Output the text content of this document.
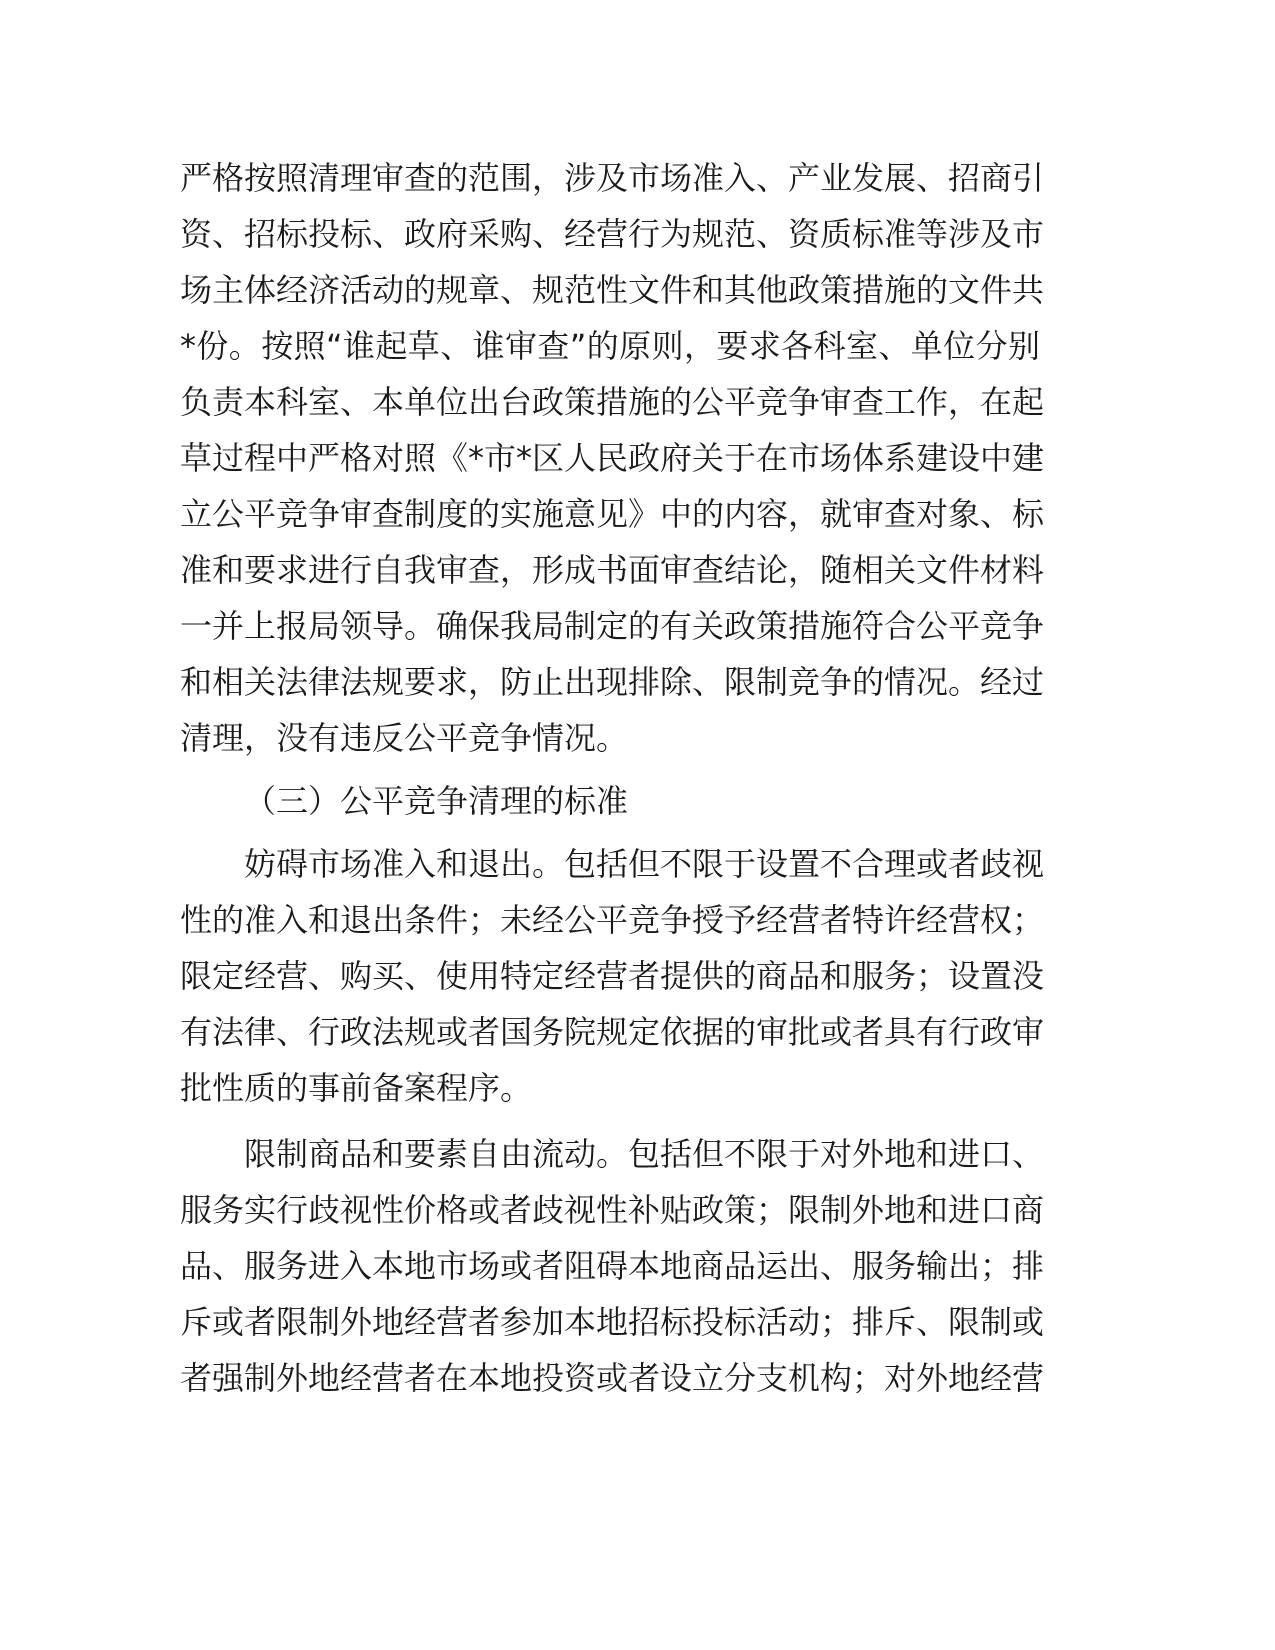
严格按照清理审查的范围，涉及市场准入、产业发展、招商引
资、招标投标、政府采购、经营行为规范、资质标准等涉及市
场主体经济活动的规章、规范性文件和其他政策措施的文件共
*份。按照“谁起草、谁审查”的原则，要求各科室、单位分别
负责本科室、本单位出台政策措施的公平竞争审查工作，在起
草过程中严格对照《*市*区人民政府关于在市场体系建设中建
立公平竞争审查制度的实施意见》中的内容，就审查对象、标
准和要求进行自我审查，形成书面审查结论，随相关文件材料
一并上报局领导。确保我局制定的有关政策措施符合公平竞争
和相关法律法规要求，防止出现排除、限制竞争的情况。经过
清理，没有违反公平竞争情况。
（三）公平竞争清理的标准
妨碍市场准入和退出。包括但不限于设置不合理或者歧视
性的准入和退出条件；未经公平竞争授予经营者特许经营权；
限定经营、购买、使用特定经营者提供的商品和服务；设置没
有法律、行政法规或者国务院规定依据的审批或者具有行政审
批性质的事前备案程序。
限制商品和要素自由流动。包括但不限于对外地和进口、
服务实行歧视性价格或者歧视性补贴政策；限制外地和进口商
品、服务进入本地市场或者阻碍本地商品运出、服务输出；排
斥或者限制外地经营者参加本地招标投标活动；排斥、限制或
者强制外地经营者在本地投资或者设立分支机构；对外地经营
